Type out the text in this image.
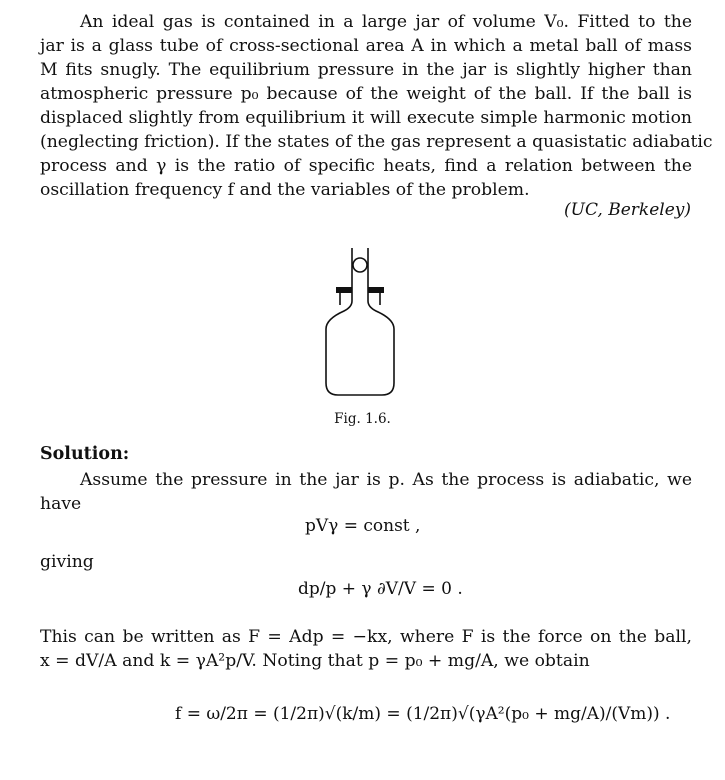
An ideal gas is contained in a large jar of volume V₀. Fitted to the
jar is a glass tube of cross-sectional area A in which a metal ball of mass
M fits snugly. The equilibrium pressure in the jar is slightly higher than
atmospheric pressure p₀ because of the weight of the ball. If the ball is
displaced slightly from equilibrium it will execute simple harmonic motion
(neglecting friction). If the states of the gas represent a quasistatic adiabatic
process and γ is the ratio of specific heats, find a relation between the
oscillation frequency f and the variables of the problem.
(UC, Berkeley)
Fig. 1.6.
Solution:
Assume the pressure in the jar is p. As the process is adiabatic, we
have
pVγ = const ,
giving
dp/p + γ ∂V/V = 0 .
This can be written as F = Adp = −kx, where F is the force on the ball,
x = dV/A and k = γA²p/V. Noting that p = p₀ + mg/A, we obtain
f = ω/2π = (1/2π)√(k/m) = (1/2π)√(γA²(p₀ + mg/A)/(Vm)) .
